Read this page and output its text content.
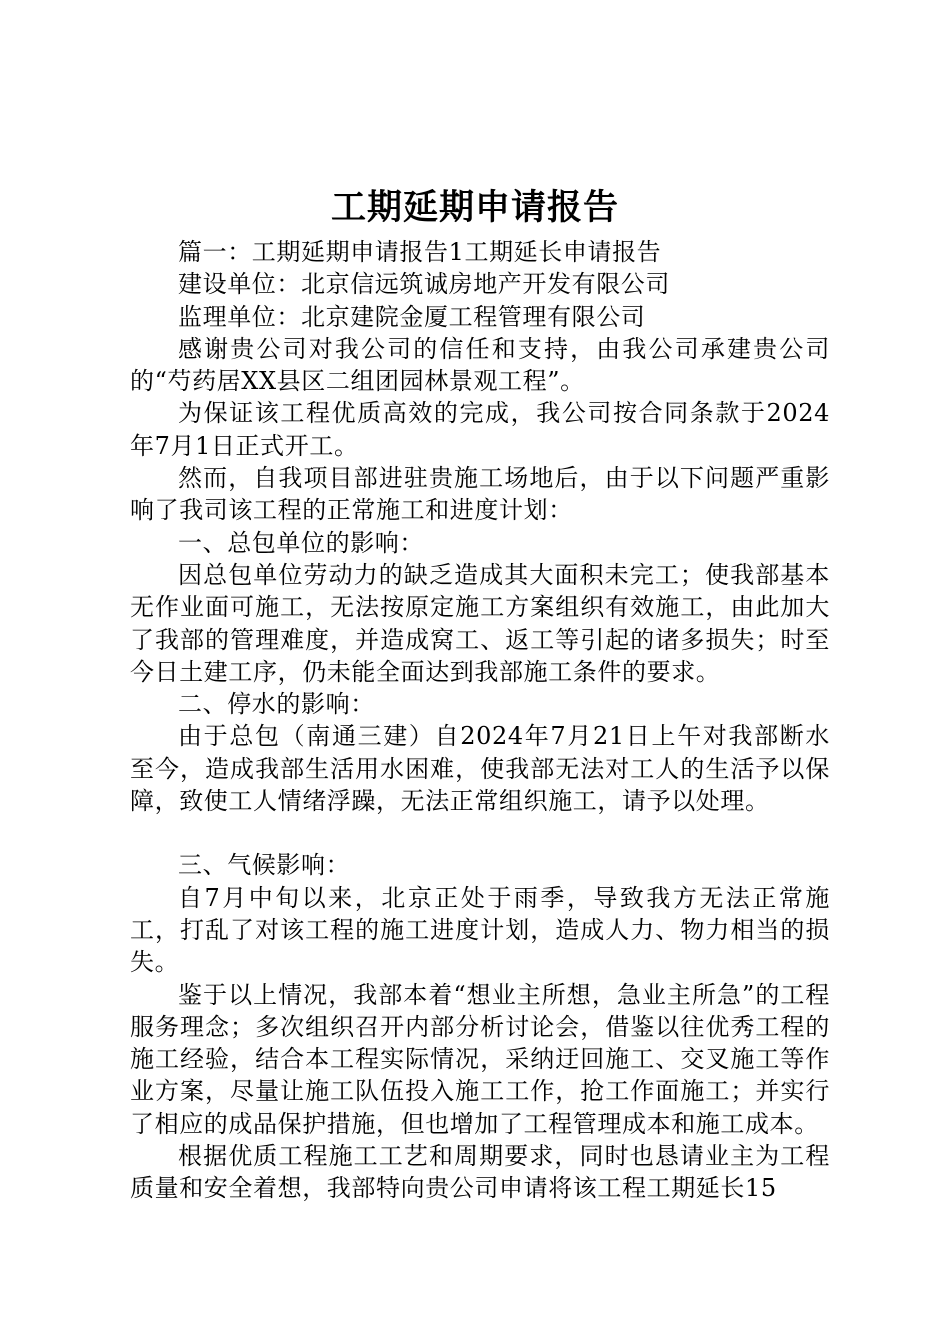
工期延期申请报告

篇一：工期延期申请报告1工期延长申请报告

建设单位：北京信远筑诚房地产开发有限公司

监理单位：北京建院金厦工程管理有限公司

感谢贵公司对我公司的信任和支持，由我公司承建贵公司的“芍药居XX县区二组团园林景观工程”。

为保证该工程优质高效的完成，我公司按合同条款于2024年7月1日正式开工。

然而，自我项目部进驻贵施工场地后，由于以下问题严重影响了我司该工程的正常施工和进度计划：

一、总包单位的影响：

因总包单位劳动力的缺乏造成其大面积未完工；使我部基本无作业面可施工，无法按原定施工方案组织有效施工，由此加大了我部的管理难度，并造成窝工、返工等引起的诸多损失；时至今日土建工序，仍未能全面达到我部施工条件的要求。

二、停水的影响：

由于总包（南通三建）自2024年7月21日上午对我部断水至今，造成我部生活用水困难，使我部无法对工人的生活予以保障，致使工人情绪浮躁，无法正常组织施工，请予以处理。

三、气候影响：

自7月中旬以来，北京正处于雨季，导致我方无法正常施工，打乱了对该工程的施工进度计划，造成人力、物力相当的损失。

鉴于以上情况，我部本着“想业主所想，急业主所急”的工程服务理念；多次组织召开内部分析讨论会，借鉴以往优秀工程的施工经验，结合本工程实际情况，采纳迂回施工、交叉施工等作业方案，尽量让施工队伍投入施工工作，抢工作面施工；并实行了相应的成品保护措施，但也增加了工程管理成本和施工成本。

根据优质工程施工工艺和周期要求，同时也恳请业主为工程质量和安全着想，我部特向贵公司申请将该工程工期延长15
